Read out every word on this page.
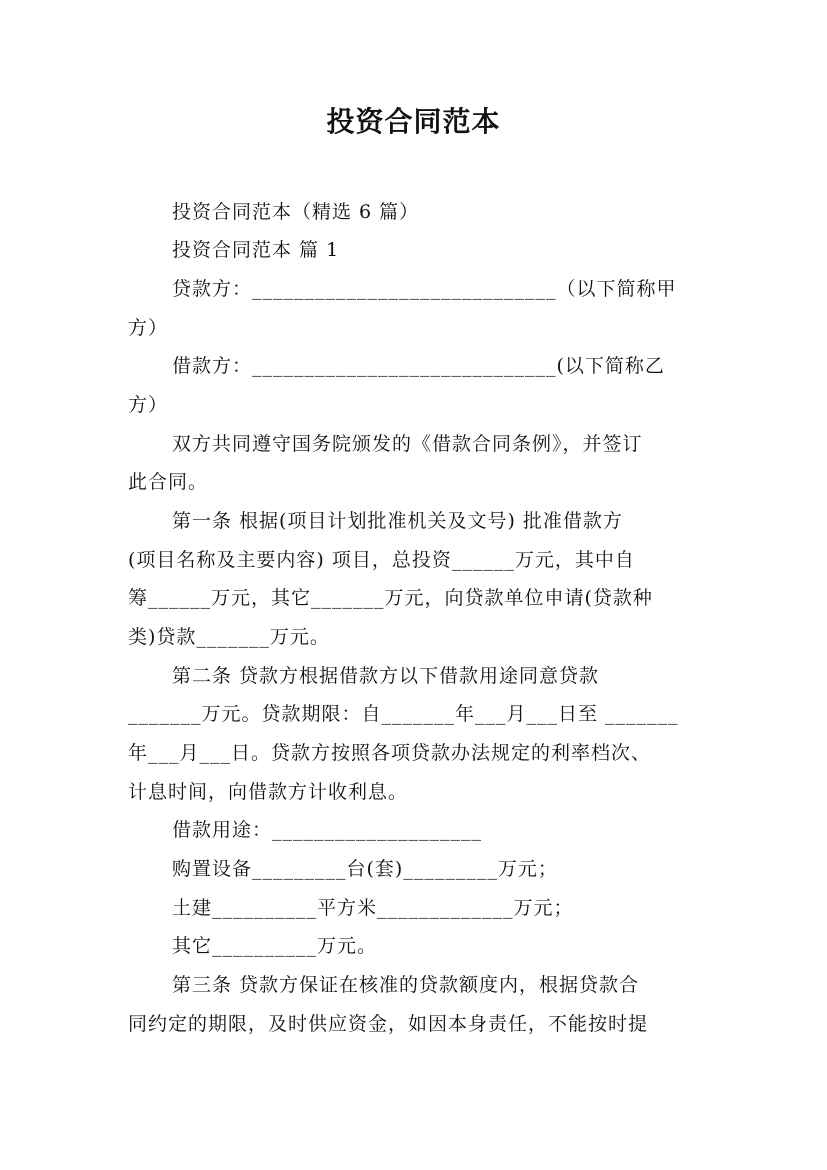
投资合同范本
投资合同范本（精选 6 篇）
投资合同范本 篇 1
贷款方：_____________________________（以下简称甲
方）
借款方：_____________________________(以下简称乙
方）
双方共同遵守国务院颁发的《借款合同条例》，并签订
此合同。
第一条 根据(项目计划批准机关及文号) 批准借款方
(项目名称及主要内容) 项目，总投资______万元，其中自
筹______万元，其它_______万元，向贷款单位申请(贷款种
类)贷款_______万元。
第二条 贷款方根据借款方以下借款用途同意贷款
_______万元。贷款期限：自_______年___月___日至 _______
年___月___日。贷款方按照各项贷款办法规定的利率档次、
计息时间，向借款方计收利息。
借款用途：____________________
购置设备_________台(套)_________万元；
土建__________平方米_____________万元；
其它__________万元。
第三条 贷款方保证在核准的贷款额度内，根据贷款合
同约定的期限，及时供应资金，如因本身责任，不能按时提
